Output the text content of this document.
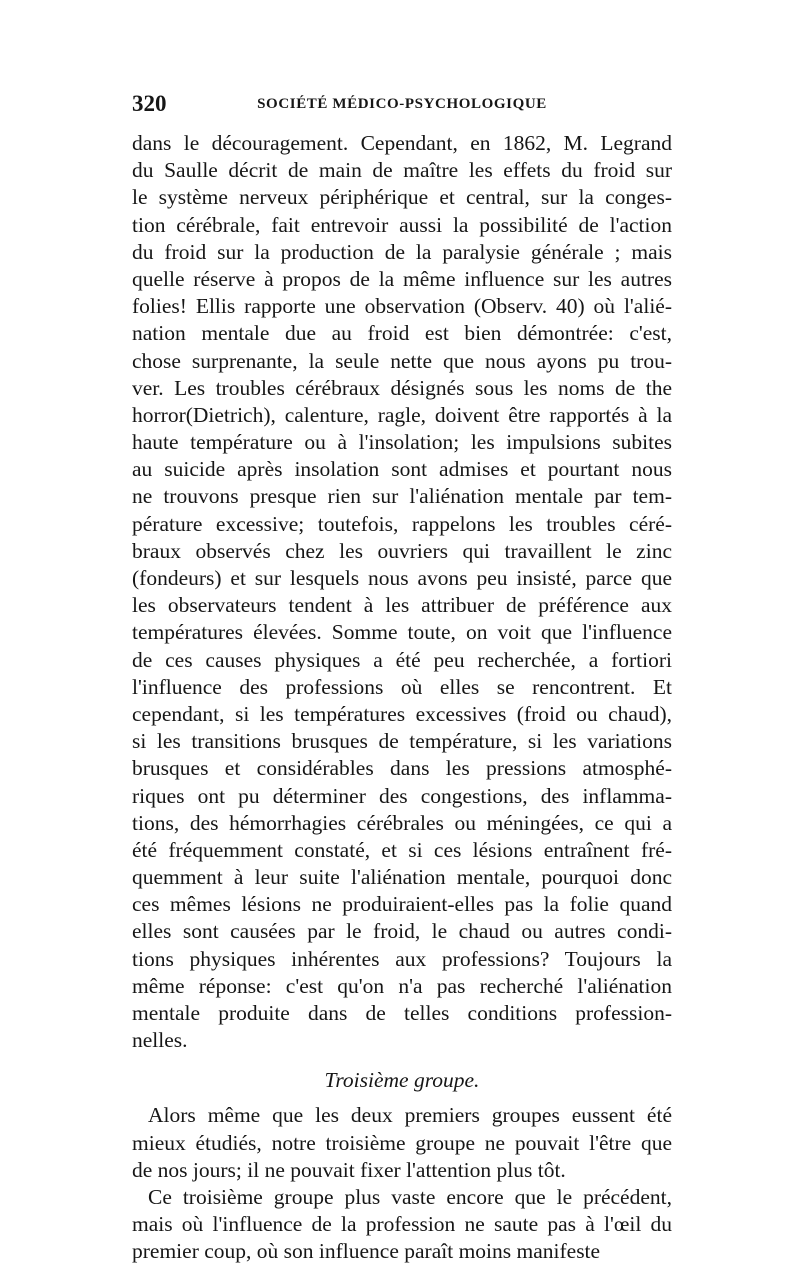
320	SOCIÉTÉ MÉDICO-PSYCHOLOGIQUE
dans le découragement. Cependant, en 1862, M. Legrand
du Saulle décrit de main de maître les effets du froid sur
le système nerveux périphérique et central, sur la conges-
tion cérébrale, fait entrevoir aussi la possibilité de l'action
du froid sur la production de la paralysie générale ; mais
quelle réserve à propos de la même influence sur les autres
folies! Ellis rapporte une observation (Observ. 40) où l'alié-
nation mentale due au froid est bien démontrée: c'est,
chose surprenante, la seule nette que nous ayons pu trou-
ver. Les troubles cérébraux désignés sous les noms de the
horror(Dietrich), calenture, ragle, doivent être rapportés à la
haute température ou à l'insolation; les impulsions subites
au suicide après insolation sont admises et pourtant nous
ne trouvons presque rien sur l'aliénation mentale par tem-
pérature excessive; toutefois, rappelons les troubles céré-
braux observés chez les ouvriers qui travaillent le zinc
(fondeurs) et sur lesquels nous avons peu insisté, parce que
les observateurs tendent à les attribuer de préférence aux
températures élevées. Somme toute, on voit que l'influence
de ces causes physiques a été peu recherchée, a fortiori
l'influence des professions où elles se rencontrent. Et
cependant, si les températures excessives (froid ou chaud),
si les transitions brusques de température, si les variations
brusques et considérables dans les pressions atmosphé-
riques ont pu déterminer des congestions, des inflamma-
tions, des hémorrhagies cérébrales ou méningées, ce qui a
été fréquemment constaté, et si ces lésions entraînent fré-
quemment à leur suite l'aliénation mentale, pourquoi donc
ces mêmes lésions ne produiraient-elles pas la folie quand
elles sont causées par le froid, le chaud ou autres condi-
tions physiques inhérentes aux professions? Toujours la
même réponse: c'est qu'on n'a pas recherché l'aliénation
mentale produite dans de telles conditions profession-
nelles.
Troisième groupe.
Alors même que les deux premiers groupes eussent été
mieux étudiés, notre troisième groupe ne pouvait l'être que
de nos jours; il ne pouvait fixer l'attention plus tôt.
Ce troisième groupe plus vaste encore que le précédent,
mais où l'influence de la profession ne saute pas à l'œil du
premier coup, où son influence paraît moins manifeste
